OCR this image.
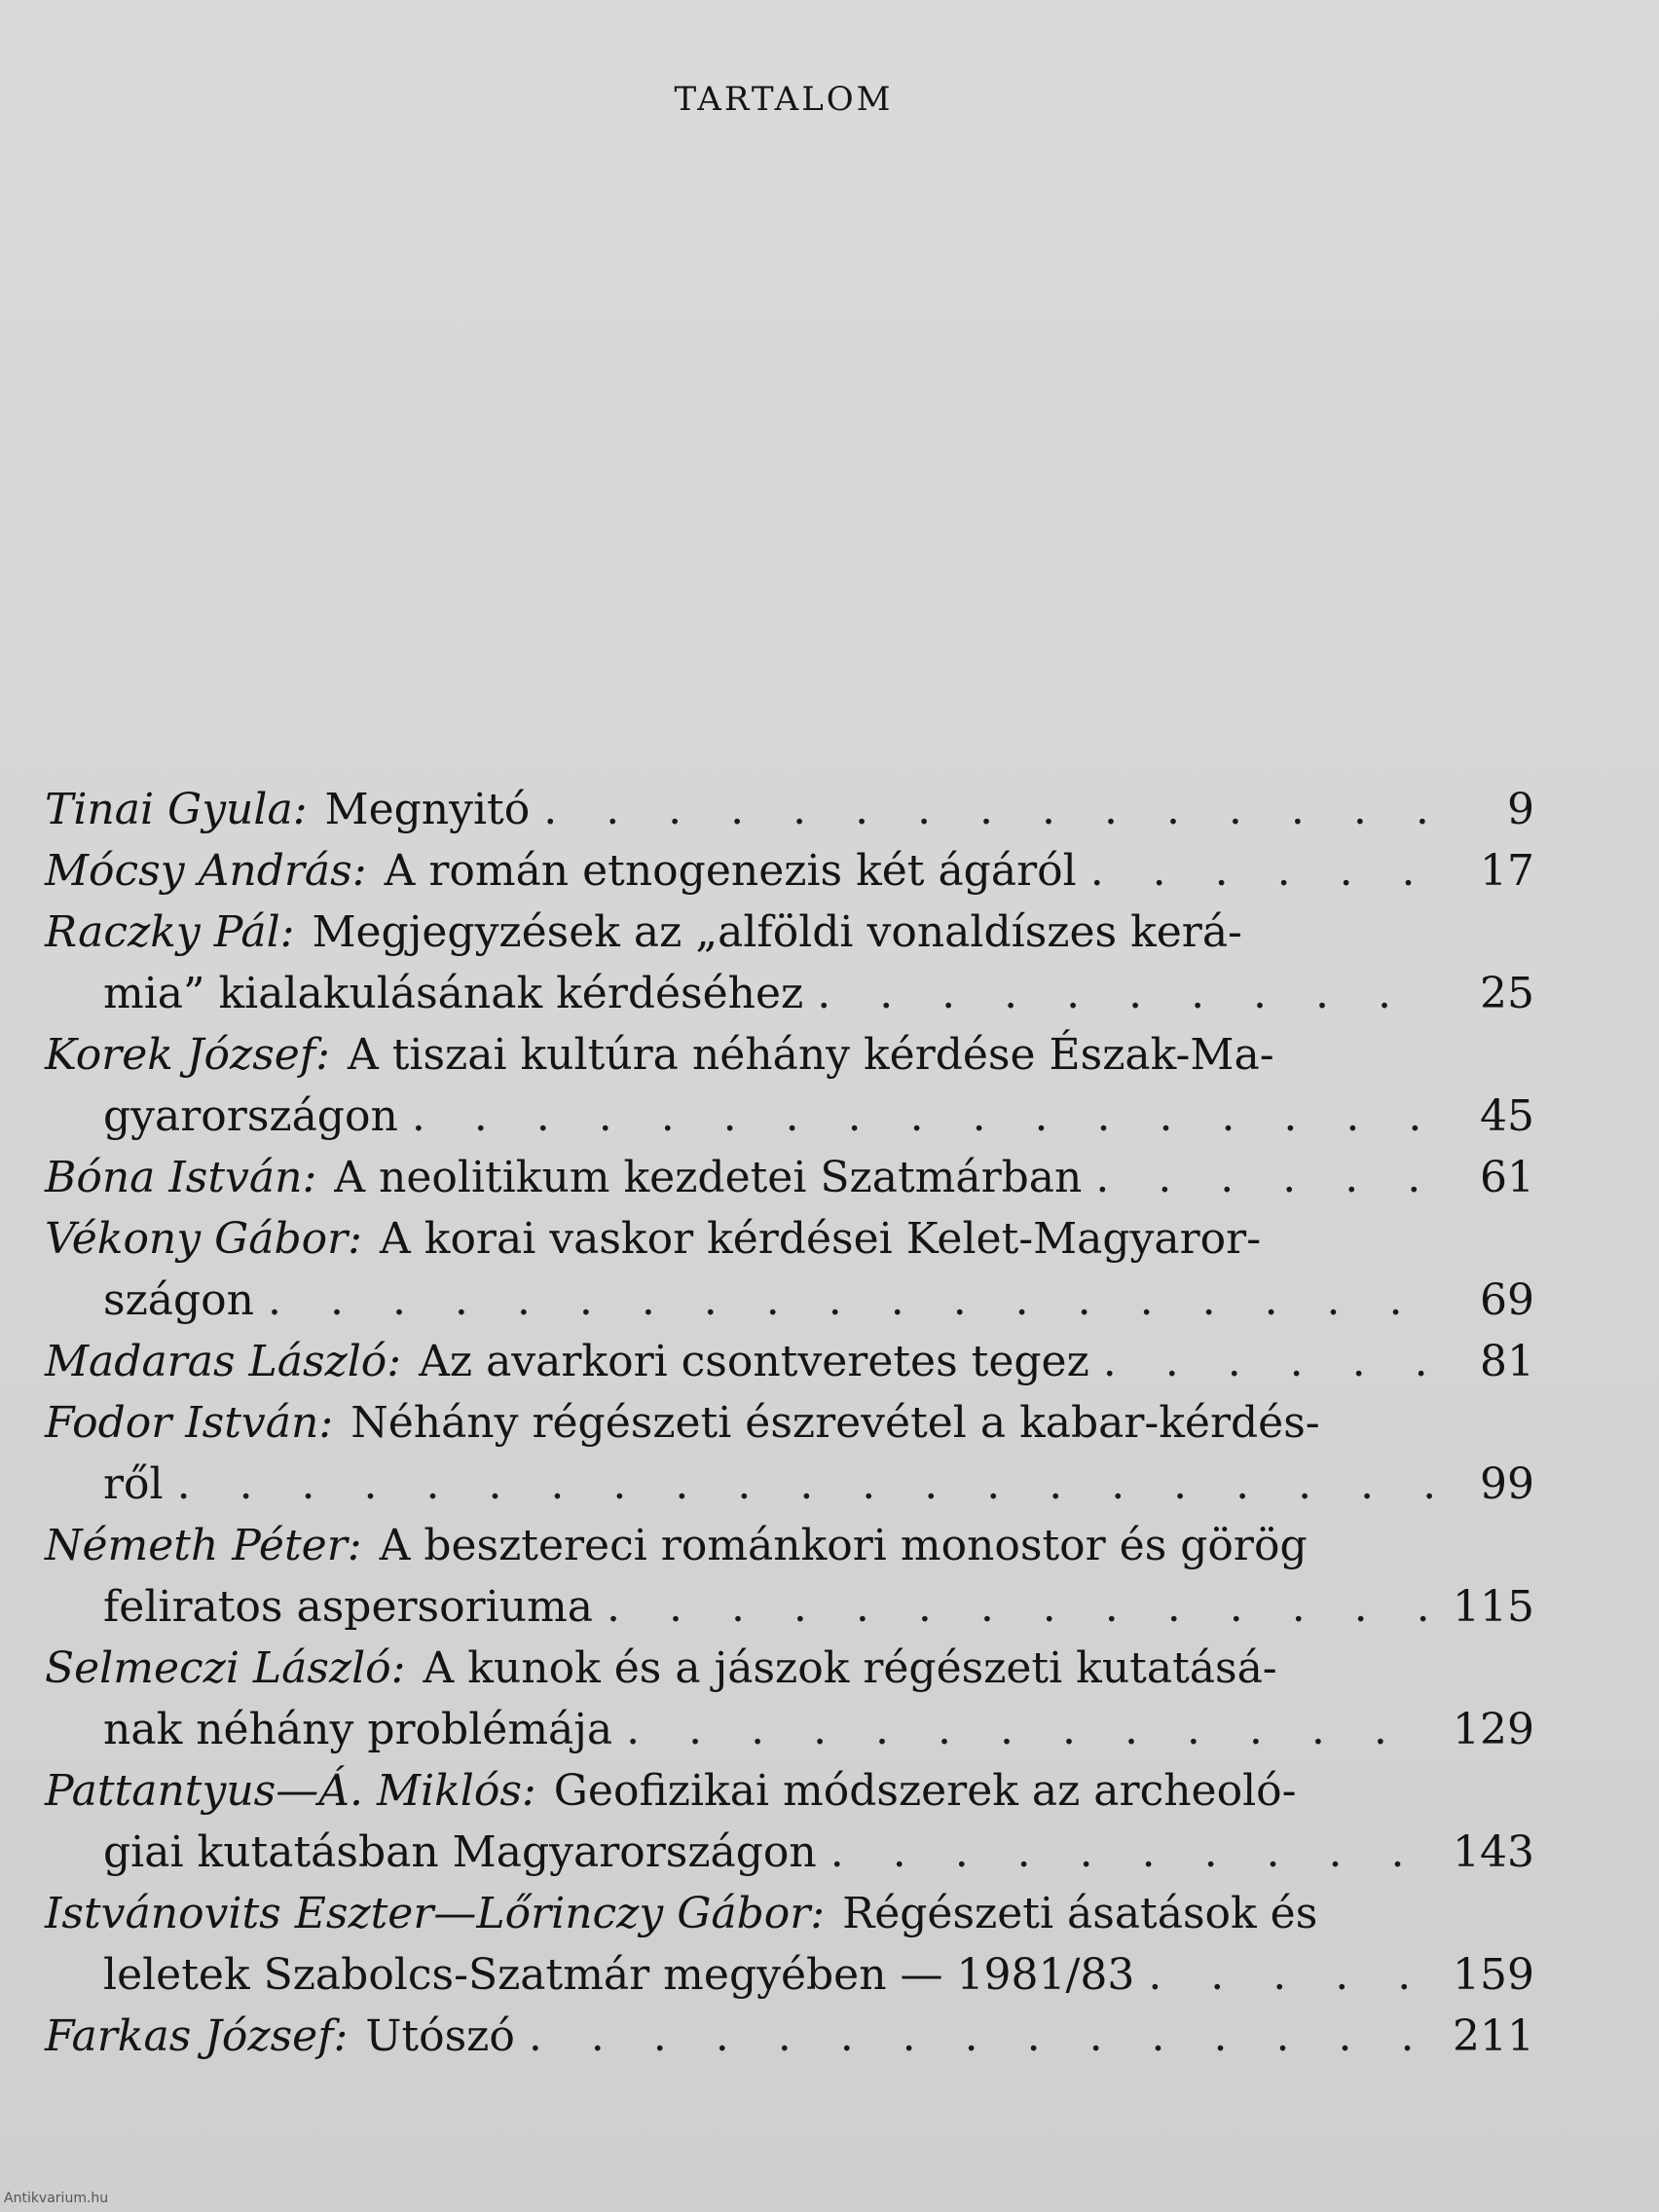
TARTALOM
Tinai Gyula: Megnyitó . . .	9
Mócsy András: A román etnogenezis két ágáról . . .	17
Raczky Pál: Megjegyzések az „alföldi vonaldíszes kerá-
mia” kialakulásának kérdéséhez . . .	25
Korek József: A tiszai kultúra néhány kérdése Észak-Ma-
gyarországon . . .	45
Bóna István: A neolitikum kezdetei Szatmárban . . .	61
Vékony Gábor: A korai vaskor kérdései Kelet-Magyaror-
szágon . . .	69
Madaras László: Az avarkori csontveretes tegez . . .	81
Fodor István: Néhány régészeti észrevétel a kabar-kérdés-
ről . . .	99
Németh Péter: A besztereci románkori monostor és görög
feliratos aspersoriuma . . .	115
Selmeczi László: A kunok és a jászok régészeti kutatásá-
nak néhány problémája . . .	129
Pattantyus—Á. Miklós: Geofizikai módszerek az archeoló-
giai kutatásban Magyarországon . . .	143
Istvánovits Eszter—Lőrinczy Gábor: Régészeti ásatások és
leletek Szabolcs-Szatmár megyében — 1981/83 . . .	159
Farkas József: Utószó . . .	211
Antikvarium.hu
